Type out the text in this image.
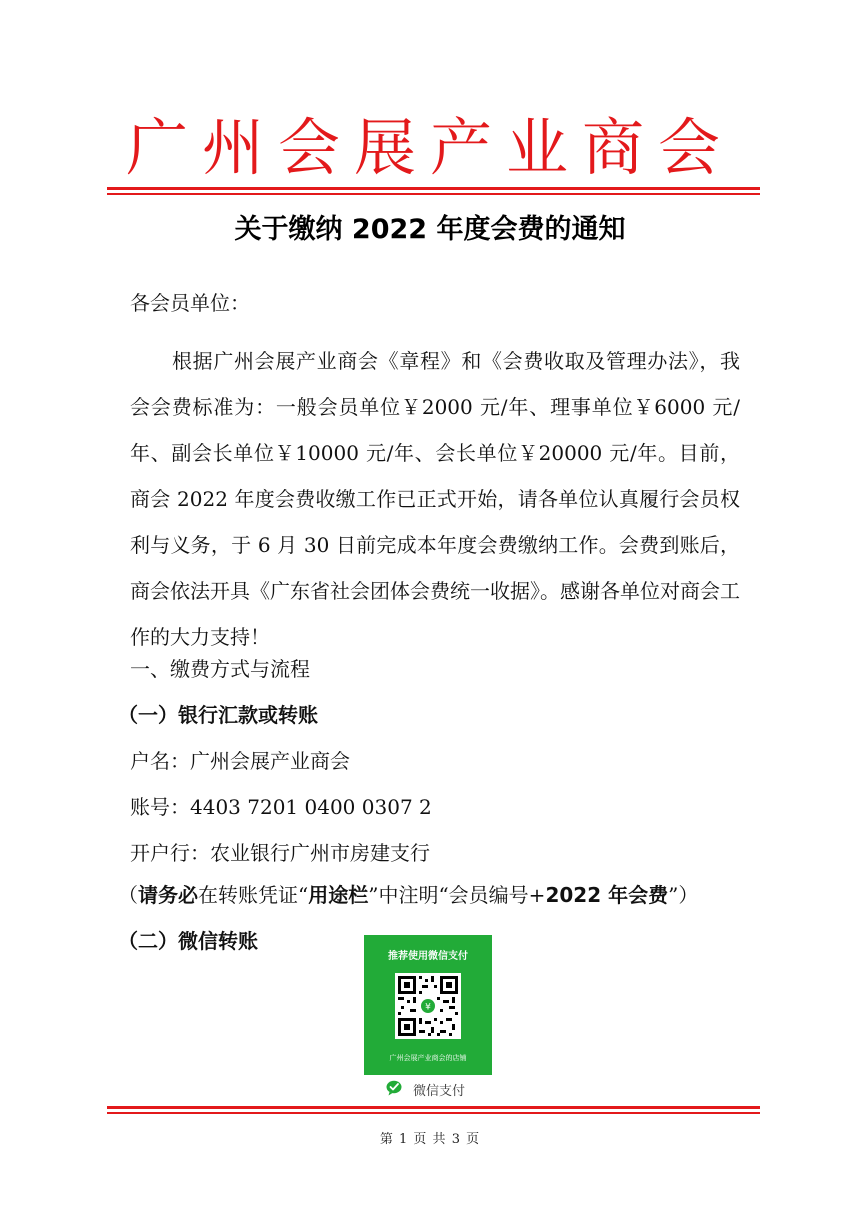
广州会展产业商会
关于缴纳 2022 年度会费的通知
各会员单位：
根据广州会展产业商会《章程》和《会费收取及管理办法》，我会会费标准为：一般会员单位￥2000 元/年、理事单位￥6000 元/年、副会长单位￥10000 元/年、会长单位￥20000 元/年。目前，商会 2022 年度会费收缴工作已正式开始，请各单位认真履行会员权利与义务，于 6 月 30 日前完成本年度会费缴纳工作。会费到账后，商会依法开具《广东省社会团体会费统一收据》。感谢各单位对商会工作的大力支持！
一、缴费方式与流程
（一）银行汇款或转账
户名：广州会展产业商会
账号：4403 7201 0400 0307 2
开户行：农业银行广州市房建支行
（请务必在转账凭证“用途栏”中注明“会员编号+2022 年会费”）
（二）微信转账
推荐使用微信支付
¥
广州会展产业商会的店铺
微信支付
第 1 页 共 3 页
